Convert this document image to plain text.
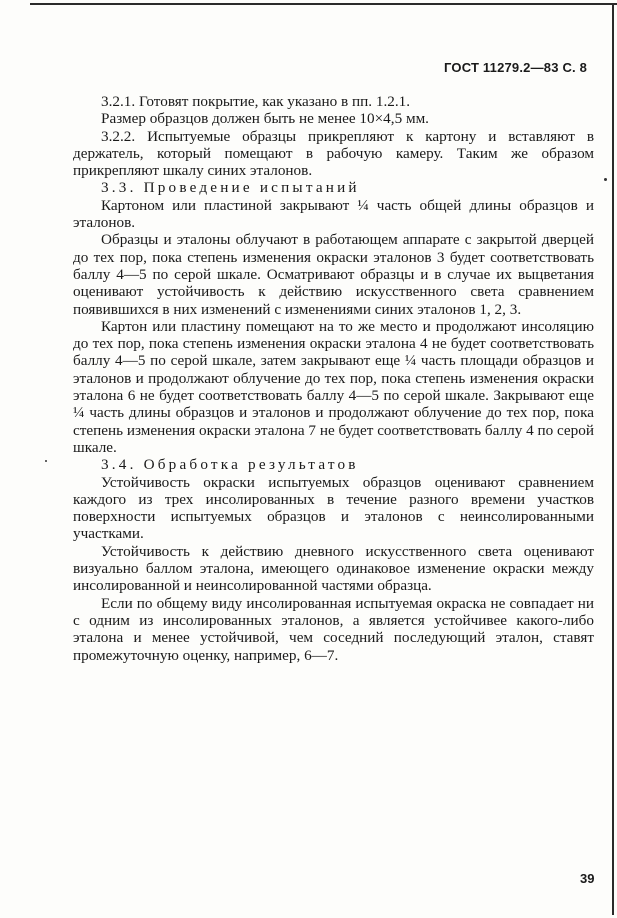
ГОСТ 11279.2—83 С. 8

3.2.1. Готовят покрытие, как указано в пп. 1.2.1.

Размер образцов должен быть не менее 10×4,5 мм.

3.2.2. Испытуемые образцы прикрепляют к картону и вставляют в держатель, который помещают в рабочую камеру. Таким же образом прикрепляют шкалу синих эталонов.

3.3. Проведение испытаний

Картоном или пластиной закрывают ¼ часть общей длины образцов и эталонов.

Образцы и эталоны облучают в работающем аппарате с закрытой дверцей до тех пор, пока степень изменения окраски эталонов 3 будет соответствовать баллу 4—5 по серой шкале. Осматривают образцы и в случае их выцветания оценивают устойчивость к действию искусственного света сравнением появившихся в них изменений с изменениями синих эталонов 1, 2, 3.

Картон или пластину помещают на то же место и продолжают инсоляцию до тех пор, пока степень изменения окраски эталона 4 не будет соответствовать баллу 4—5 по серой шкале, затем закрывают еще ¼ часть площади образцов и эталонов и продолжают облучение до тех пор, пока степень изменения окраски эталона 6 не будет соответствовать баллу 4—5 по серой шкале. Закрывают еще ¼ часть длины образцов и эталонов и продолжают облучение до тех пор, пока степень изменения окраски эталона 7 не будет соответствовать баллу 4 по серой шкале.

3.4. Обработка результатов

Устойчивость окраски испытуемых образцов оценивают сравнением каждого из трех инсолированных в течение разного времени участков поверхности испытуемых образцов и эталонов с неинсолированными участками.

Устойчивость к действию дневного искусственного света оценивают визуально баллом эталона, имеющего одинаковое изменение окраски между инсолированной и неинсолированной частями образца.

Если по общему виду инсолированная испытуемая окраска не совпадает ни с одним из инсолированных эталонов, а является устойчивее какого-либо эталона и менее устойчивой, чем соседний последующий эталон, ставят промежуточную оценку, например, 6—7.

39
